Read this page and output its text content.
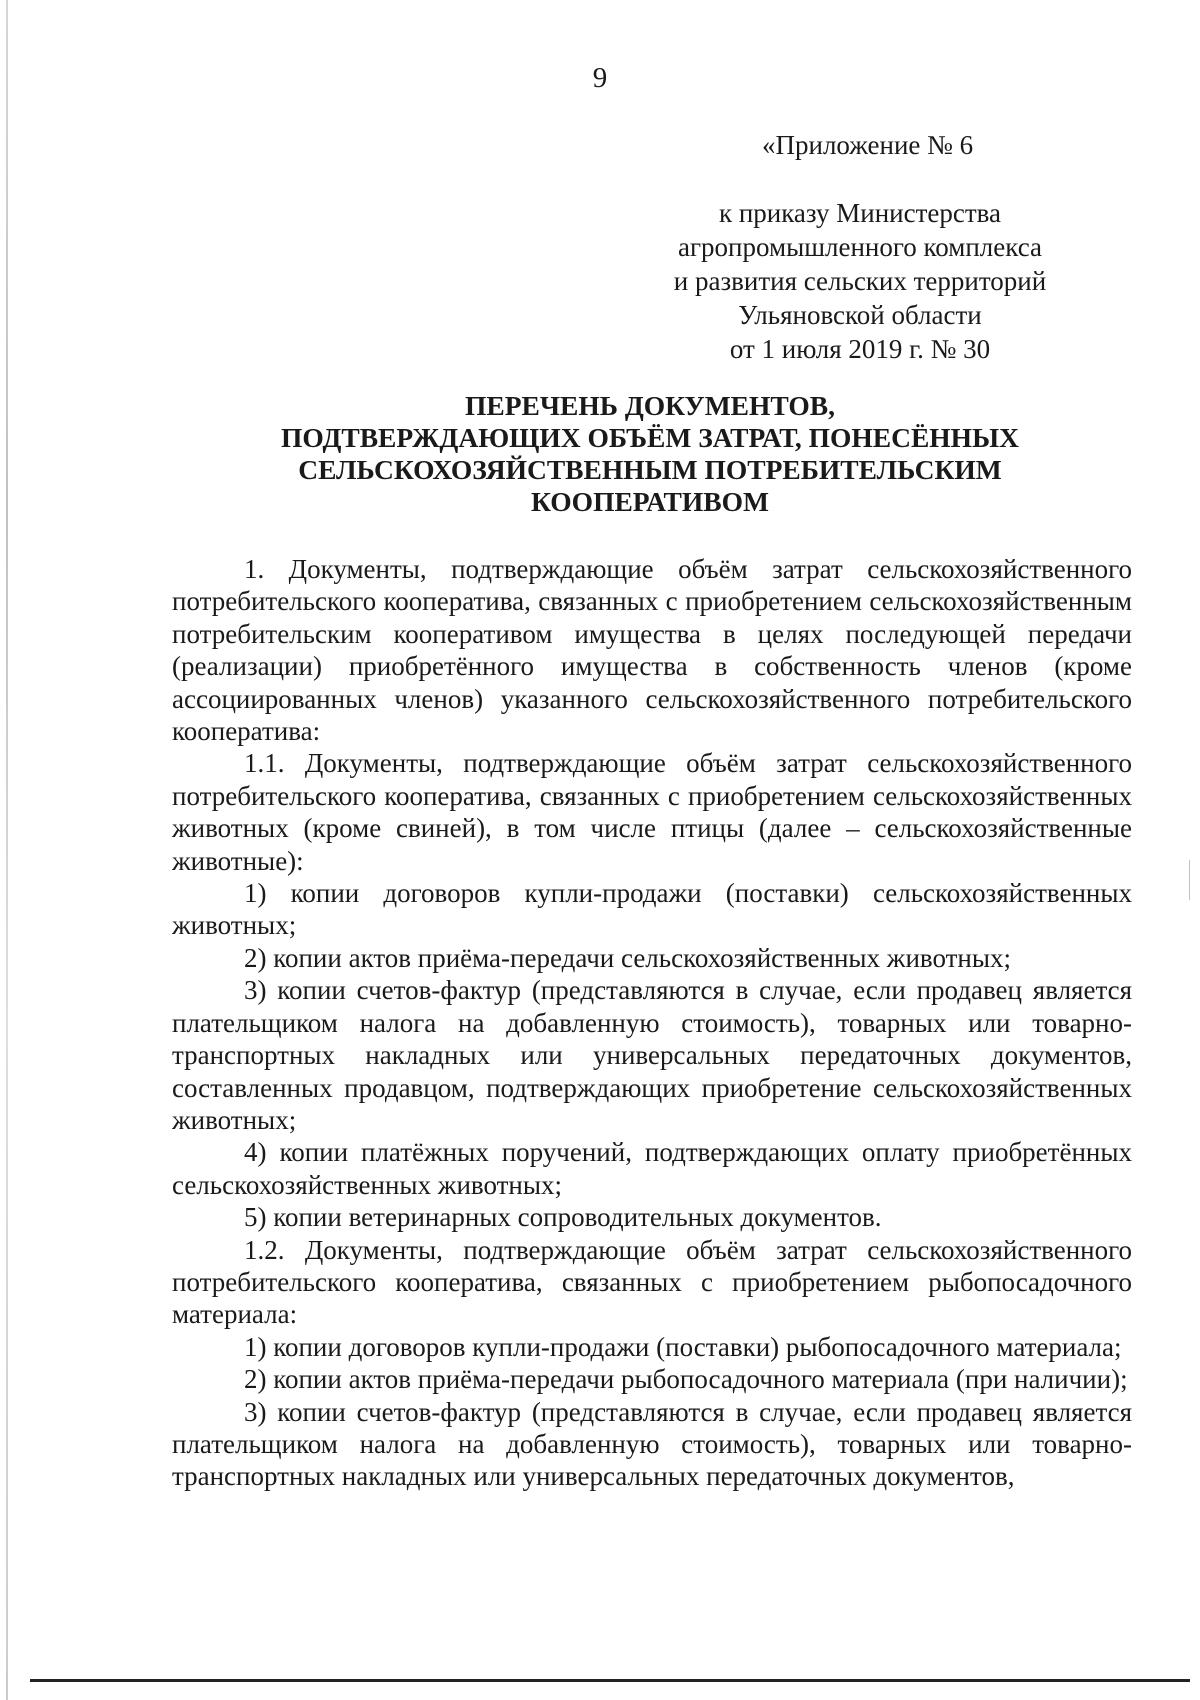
9
«Приложение № 6
к приказу Министерства
агропромышленного комплекса
и развития сельских территорий
Ульяновской области
от 1 июля 2019 г. № 30
ПЕРЕЧЕНЬ ДОКУМЕНТОВ,
ПОДТВЕРЖДАЮЩИХ ОБЪЁМ ЗАТРАТ, ПОНЕСЁННЫХ
СЕЛЬСКОХОЗЯЙСТВЕННЫМ ПОТРЕБИТЕЛЬСКИМ
КООПЕРАТИВОМ

1. Документы, подтверждающие объём затрат сельскохозяйственного потребительского кооператива, связанных с приобретением сельскохозяйственным потребительским кооперативом имущества в целях последующей передачи (реализации) приобретённого имущества в собственность членов (кроме ассоциированных членов) указанного сельскохозяйственного потребительского кооператива:

1.1. Документы, подтверждающие объём затрат сельскохозяйственного потребительского кооператива, связанных с приобретением сельскохозяйственных животных (кроме свиней), в том числе птицы (далее – сельскохозяйственные животные):

1) копии договоров купли-продажи (поставки) сельскохозяйственных животных;

2) копии актов приёма-передачи сельскохозяйственных животных;

3) копии счетов-фактур (представляются в случае, если продавец является плательщиком налога на добавленную стоимость), товарных или товарно-транспортных накладных или универсальных передаточных документов, составленных продавцом, подтверждающих приобретение сельскохозяйственных животных;

4) копии платёжных поручений, подтверждающих оплату приобретённых сельскохозяйственных животных;

5) копии ветеринарных сопроводительных документов.

1.2. Документы, подтверждающие объём затрат сельскохозяйственного потребительского кооператива, связанных с приобретением рыбопосадочного материала:

1) копии договоров купли-продажи (поставки) рыбопосадочного материала;

2) копии актов приёма-передачи рыбопосадочного материала (при наличии);

3) копии счетов-фактур (представляются в случае, если продавец является плательщиком налога на добавленную стоимость), товарных или товарно-транспортных накладных или универсальных передаточных документов,
